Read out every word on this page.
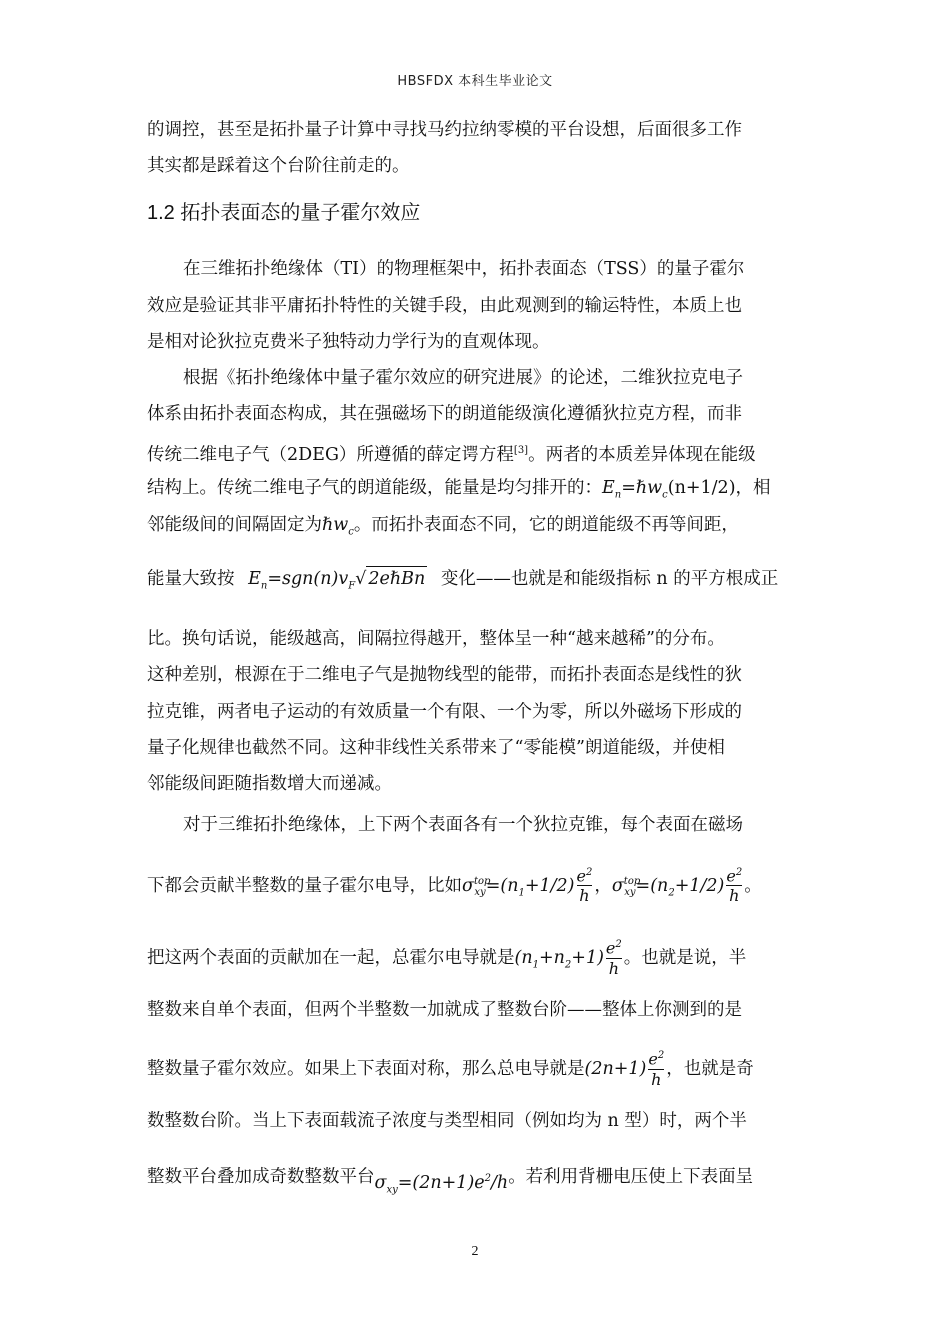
HBSFDX 本科生毕业论文
的调控，甚至是拓扑量子计算中寻找马约拉纳零模的平台设想，后面很多工作
其实都是踩着这个台阶往前走的。
1.2 拓扑表面态的量子霍尔效应
在三维拓扑绝缘体（TI）的物理框架中，拓扑表面态（TSS）的量子霍尔
效应是验证其非平庸拓扑特性的关键手段，由此观测到的输运特性，本质上也
是相对论狄拉克费米子独特动力学行为的直观体现。
根据《拓扑绝缘体中量子霍尔效应的研究进展》的论述，二维狄拉克电子
体系由拓扑表面态构成，其在强磁场下的朗道能级演化遵循狄拉克方程，而非
传统二维电子气（2DEG）所遵循的薛定谔方程[3]。两者的本质差异体现在能级
结构上。传统二维电子气的朗道能级，能量是均匀排开的：$E_n=\hbar w_c(n+1/2)$，相
邻能级间的间隔固定为ℏw$_c$。而拓扑表面态不同，它的朗道能级不再等间距，
能量大致按 $E_n=sgn(n)v_F√$ 2eℏBn 变化——也就是和能级指标 n 的平方根成正
比。换句话说，能级越高，间隔拉得越开，整体呈一种“越来越稀”的分布。
这种差别，根源在于二维电子气是抛物线型的能带，而拓扑表面态是线性的狄
拉克锥，两者电子运动的有效质量一个有限、一个为零，所以外磁场下形成的
量子化规律也截然不同。这种非线性关系带来了“零能模”朗道能级，并使相
邻能级间距随指数增大而递减。
对于三维拓扑绝缘体，上下两个表面各有一个狄拉克锥，每个表面在磁场
下都会贡献半整数的量子霍尔电导，比如$\sigma^{top}_{xy}=(n_1+1/2) \frac{e^2}{h}$ ，$\sigma^{top}_{xy}=(n_2+1/2) \frac{e^2}{h}$ 。
把这两个表面的贡献加在一起，总霍尔电导就是$(n_1+n_2+1) \frac{e^2}{h}$ 。也就是说，半
整数来自单个表面，但两个半整数一加就成了整数台阶——整体上你测到的是
整数量子霍尔效应。如果上下表面对称，那么总电导就是$(2n+1) \frac{e^2}{h}$ ，也就是奇
数整数台阶。当上下表面载流子浓度与类型相同（例如均为 n 型）时，两个半
整数平台叠加成奇数整数平台$\sigma_{xy}=(2n+1)e^2/h$。若利用背栅电压使上下表面呈
2
